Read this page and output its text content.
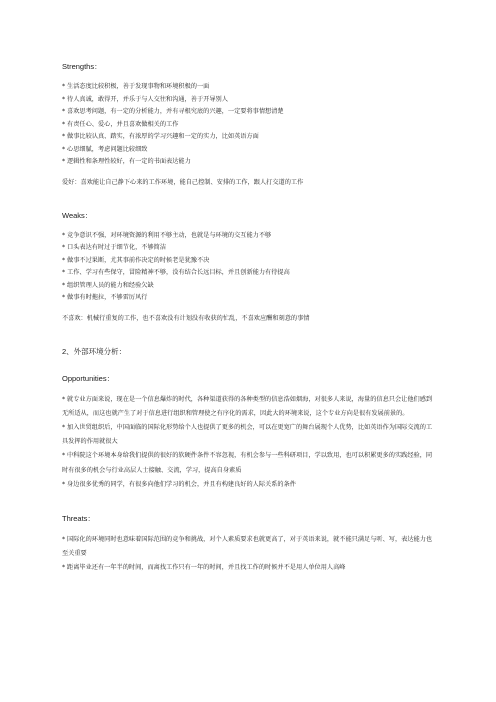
Strengths：
* 生活态度比较积极，善于发现事物和环境积极的一面
* 待人真诚，敢得开，并乐于与人交往和沟通，善于开导别人
* 喜欢思考问题，有一定的分析能力，并有寻根究底的兴趣，一定要将事情想清楚
* 有责任心、爱心，并且喜欢做相关的工作
* 做事比较认真、踏实，有浓厚的学习兴趣和一定的实力，比如英语方面
* 心思细腻，考虑问题比较细致
* 逻辑性和条理性较好，有一定的书面表达能力

爱好：喜欢能让自己静下心来的工作环境，能自己控制、安排的工作，跟人打交道的工作

Weaks：
* 竞争意识不强，对环境资源的利用不够主动，也就是与环境的交互能力不够
* 口头表达有时过于细节化，不够简洁
* 做事不过果断，尤其事前作决定的时候老是犹豫不决
* 工作、学习有些保守，冒险精神不够，没有结合长远目标，并且创新能力有待提高
* 组织管理人员的能力和经验欠缺
* 做事有时拖拉，不够雷厉风行

不喜欢：机械行重复的工作，也不喜欢没有计划没有收获的忙乱，不喜欢应酬和刻意的事情

2、外部环境分析：
Opportunities：
* 就专业方面来说，现在是一个信息爆炸的时代，各种渠道获得的各种类型的信息浩如烟海，对很多人来说，海量的信息只会让他们感到无所适从，而这也就产生了对于信息进行组织和管理使之有序化的需求，因此大的环境来说，这个专业方向是很有发展前景的。
* 加入世贸组织后，中国面临的国际化形势给个人也提供了更多的机会，可以在更宽广的舞台展现个人优势，比如英语作为国际交流的工具发挥的作用就很大
* 中科院这个环境本身给我们提供的很好的软硬件条件不容忽视，有机会参与一些科研项目，学以致用，也可以积累更多的实践经验，同时有很多的机会与行业高层人士接触、交流，学习，提高自身素质
* 身边很多优秀的同学，有很多向他们学习的机会，并且有构建良好的人际关系的条件
Threats：
* 国际化的环境同时也意味着国际范围的竞争和挑战，对个人素质要求也就更高了，对于英语来说，就不能只满足与听、写，表达能力也至关重要
* 距离毕业还有一年半的时间，而离找工作只有一年的时间，并且找工作的时候并不是用人单位用人高峰
